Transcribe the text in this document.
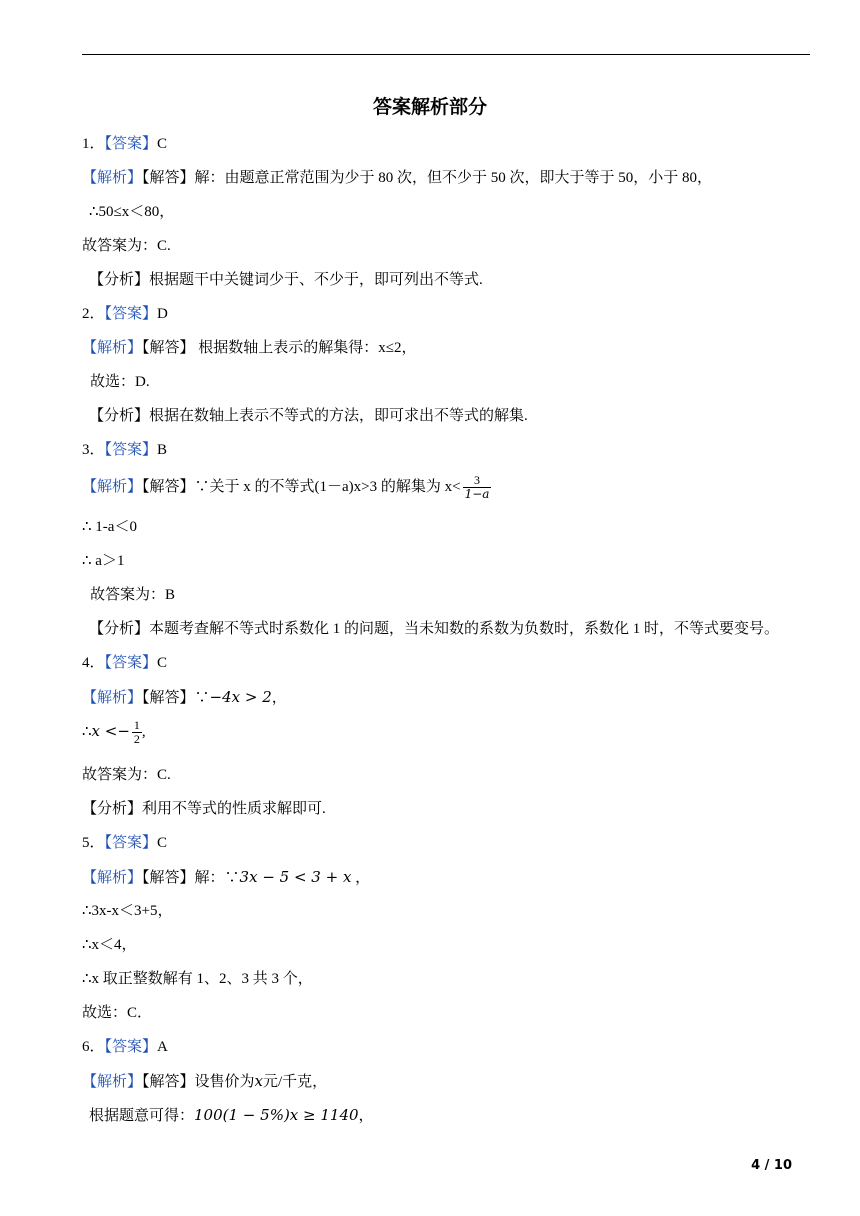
答案解析部分
1．【答案】C
【解析】【解答】解：由题意正常范围为少于 80 次，但不少于 50 次，即大于等于 50，小于 80，
∴50≤x＜80，
故答案为：C.
【分析】根据题干中关键词少于、不少于，即可列出不等式.
2．【答案】D
【解析】【解答】 根据数轴上表示的解集得：x≤2，
故选：D.
【分析】根据在数轴上表示不等式的方法，即可求出不等式的解集.
3．【答案】B
【解析】【解答】∵关于 x 的不等式(1－a)x>3 的解集为 $x< \frac{3}{1-a}$
∴ 1-a＜0
∴ a＞1
故答案为：B
【分析】本题考查解不等式时系数化 1 的问题，当未知数的系数为负数时，系数化 1 时，不等式要变号。
4．【答案】C
【解析】【解答】∵−4x > 2，
∴x <− $\frac{1}{2}$ ,
故答案为：C.
【分析】利用不等式的性质求解即可.
5．【答案】C
【解析】【解答】解：∵3x − 5 < 3 + x ，
∴3x-x＜3+5，
∴x＜4，
∴x 取正整数解有 1、2、3 共 3 个，
故选：C．
6．【答案】A
【解析】【解答】设售价为x元/千克，
根据题意可得：100(1 − 5%)x ≥ 1140，
4 / 10
